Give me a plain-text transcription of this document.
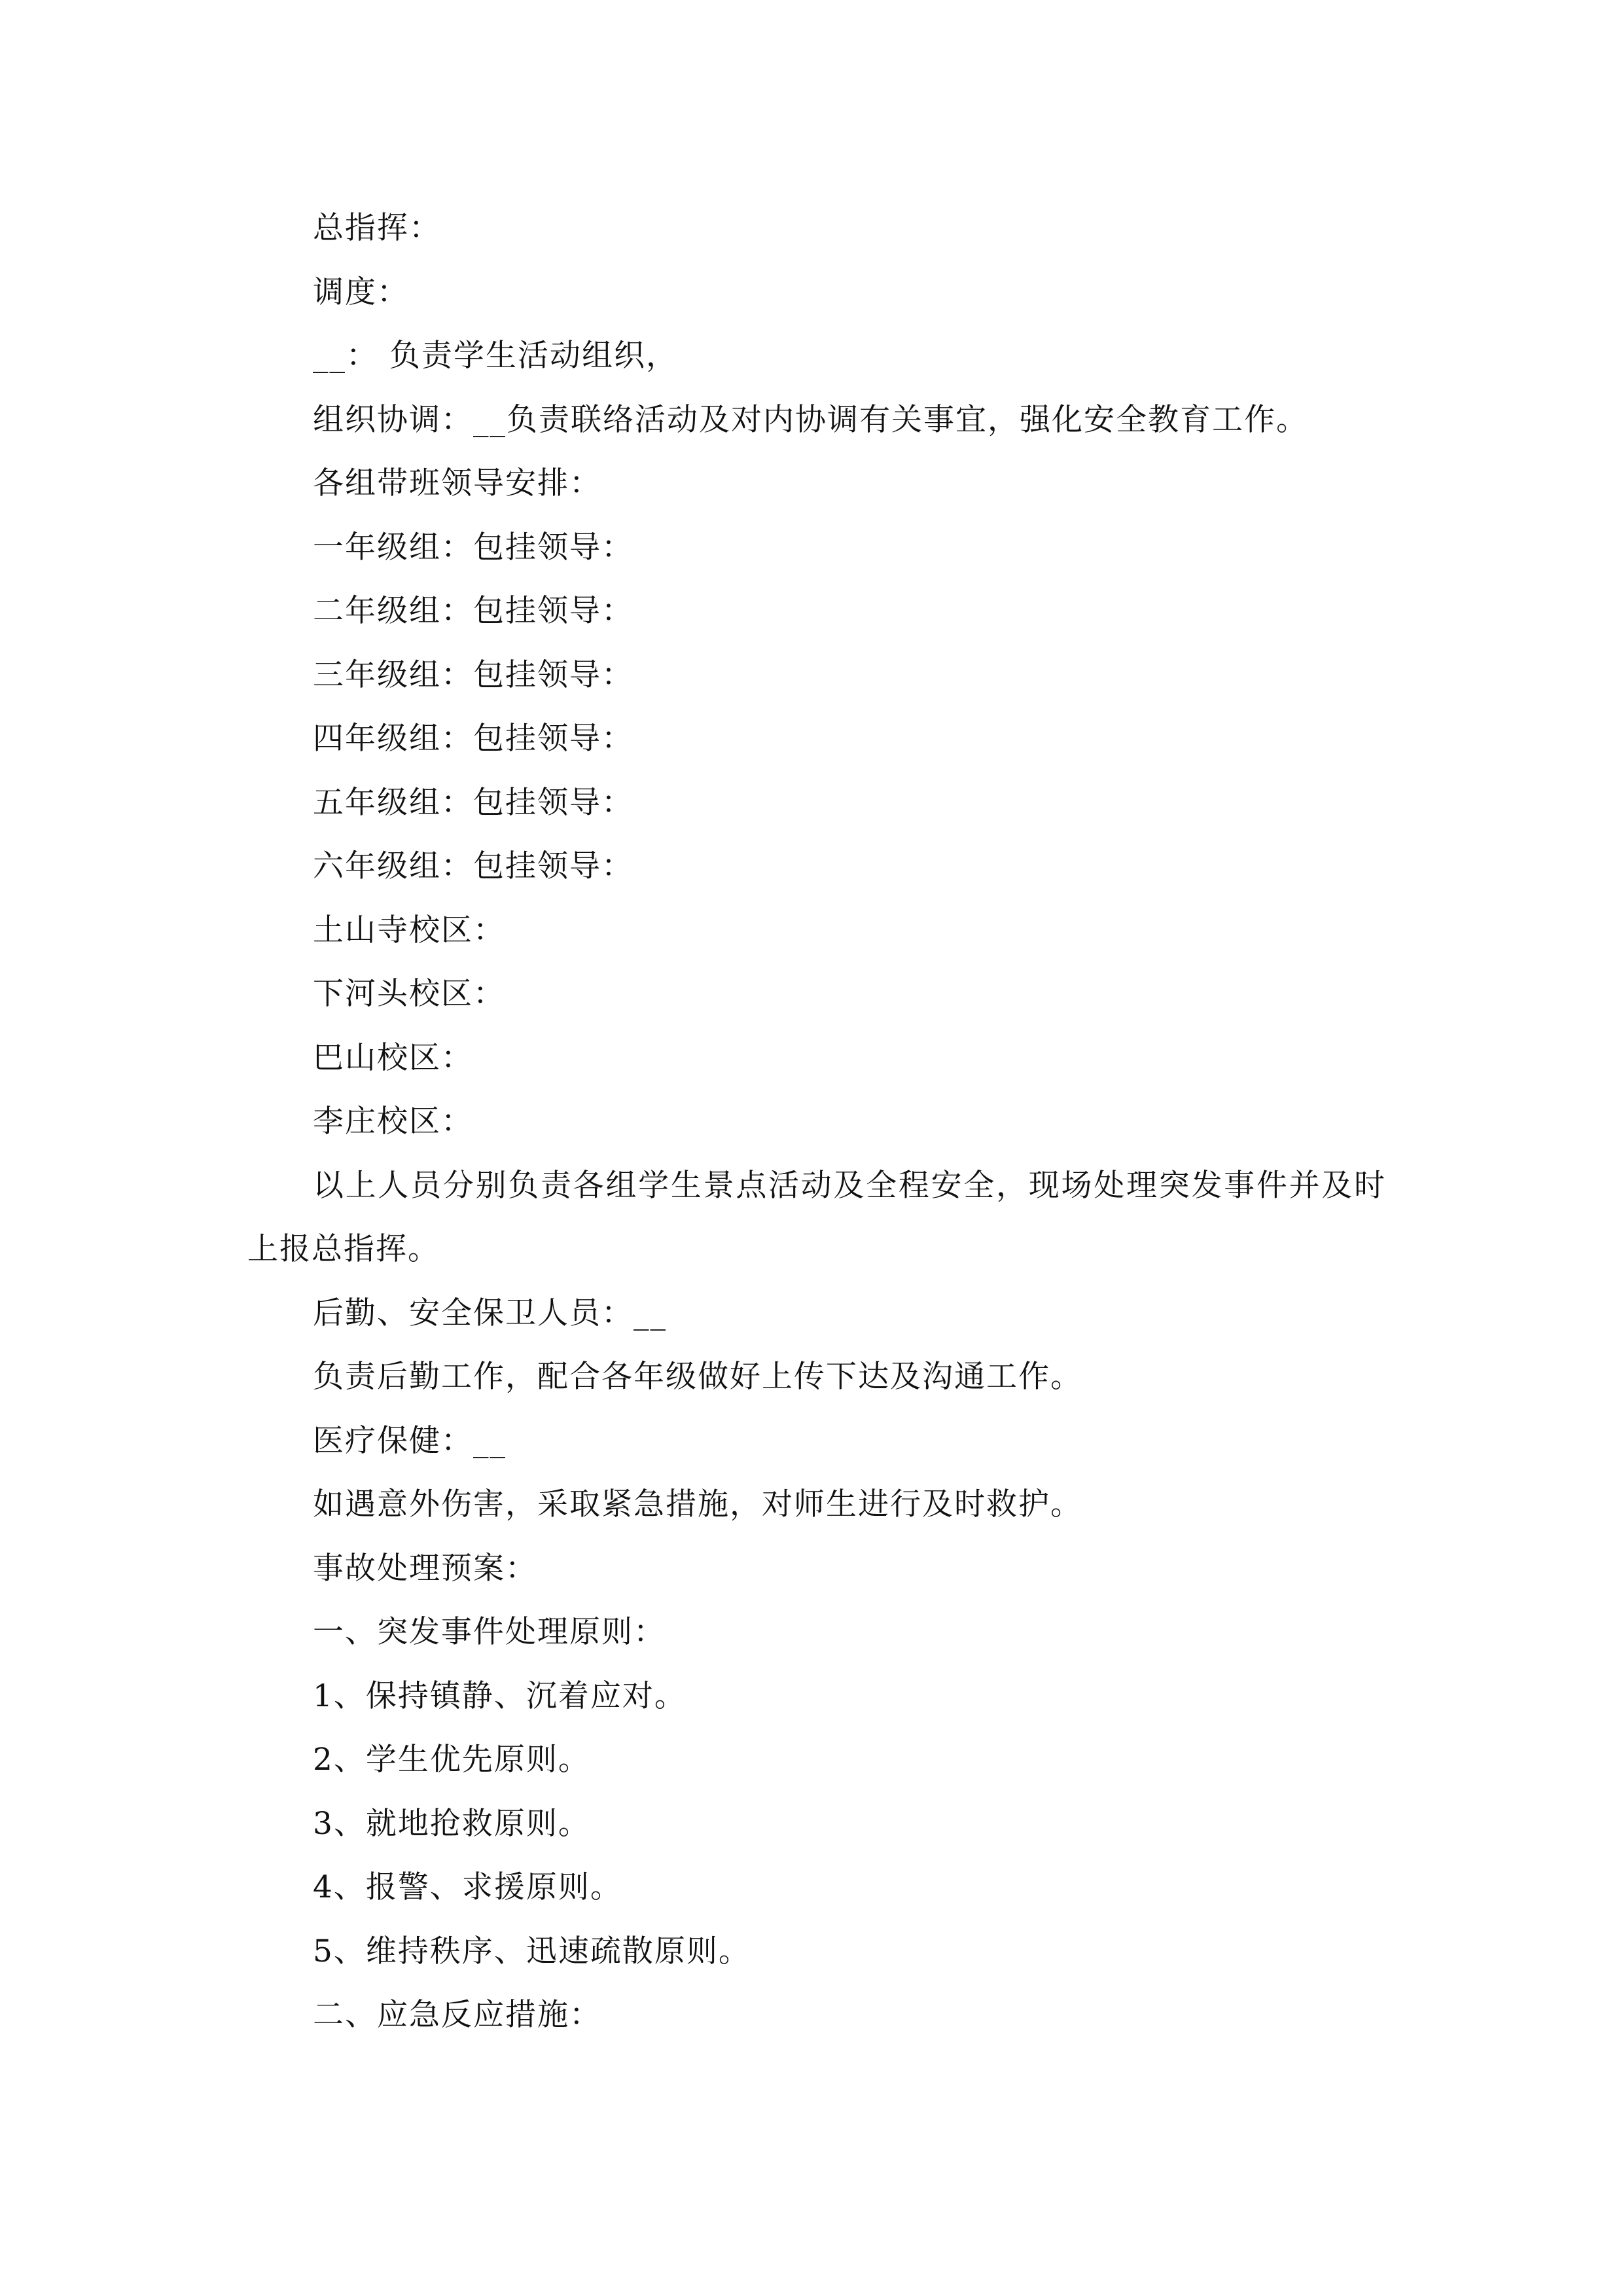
总指挥：

调度：

__： 负责学生活动组织，

组织协调：__负责联络活动及对内协调有关事宜，强化安全教育工作。

各组带班领导安排：

一年级组：包挂领导：

二年级组：包挂领导：

三年级组：包挂领导：

四年级组：包挂领导：

五年级组：包挂领导：

六年级组：包挂领导：

土山寺校区：

下河头校区：

巴山校区：

李庄校区：

以上人员分别负责各组学生景点活动及全程安全，现场处理突发事件并及时上报总指挥。

后勤、安全保卫人员：__

负责后勤工作，配合各年级做好上传下达及沟通工作。

医疗保健：__

如遇意外伤害，采取紧急措施，对师生进行及时救护。

事故处理预案：

一、突发事件处理原则：

1、保持镇静、沉着应对。

2、学生优先原则。

3、就地抢救原则。

4、报警、求援原则。

5、维持秩序、迅速疏散原则。

二、应急反应措施：
